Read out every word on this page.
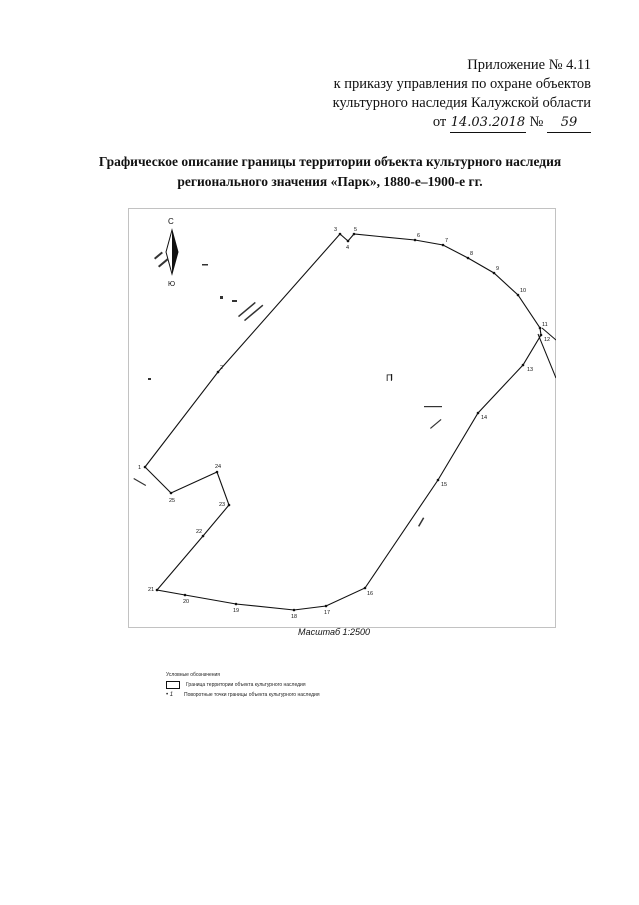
Приложение № 4.11
к приказу управления по охране объектов
культурного наследия Калужской области
от 14.03.2018 № 59
Графическое описание границы территории объекта культурного наследия
регионального значения «Парк», 1880-е–1900-е гг.
С
Ю
П
1
2
3
4
5
6
7
8
9
10
11
12
13
14
15
16
17
18
19
20
21
22
23
24
25
Масштаб 1:2500
Условные обозначения
Граница территории объекта культурного наследия
• 1	Поворотные точки границы объекта культурного наследия
